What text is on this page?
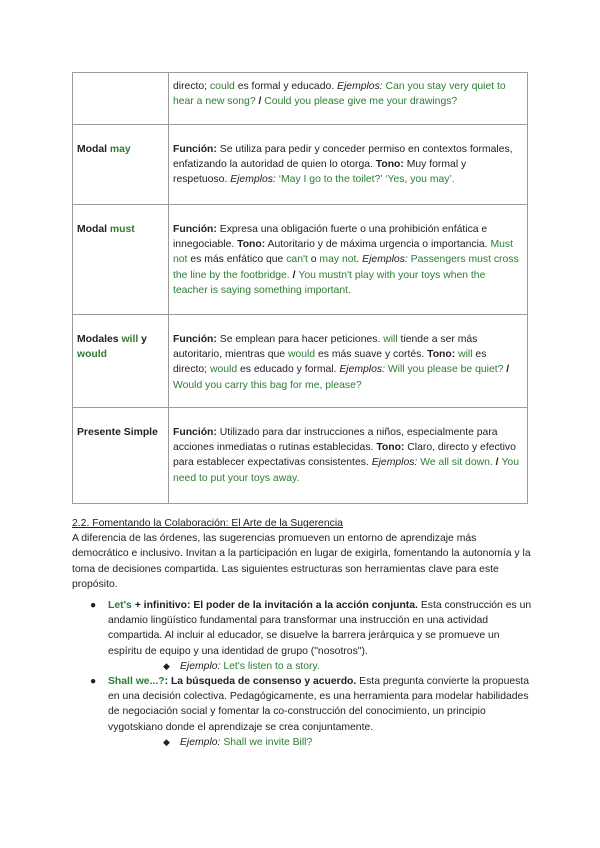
	directo; could es formal y educado. Ejemplos: Can you stay very quiet to hear a new song? / Could you please give me your drawings?

Modal may	Función: Se utiliza para pedir y conceder permiso en contextos formales, enfatizando la autoridad de quien lo otorga. Tono: Muy formal y respetuoso. Ejemplos: ‘May I go to the toilet?’ ‘Yes, you may’.

Modal must	Función: Expresa una obligación fuerte o una prohibición enfática e innegociable. Tono: Autoritario y de máxima urgencia o importancia. Must not es más enfático que can't o may not. Ejemplos: Passengers must cross the line by the footbridge. / You mustn't play with your toys when the teacher is saying something important.

Modales will y would	Función: Se emplean para hacer peticiones. will tiende a ser más autoritario, mientras que would es más suave y cortés. Tono: will es directo; would es educado y formal. Ejemplos: Will you please be quiet? / Would you carry this bag for me, please?

Presente Simple	Función: Utilizado para dar instrucciones a niños, especialmente para acciones inmediatas o rutinas establecidas. Tono: Claro, directo y efectivo para establecer expectativas consistentes. Ejemplos: We all sit down. / You need to put your toys away.
2.2. Fomentando la Colaboración: El Arte de la Sugerencia
A diferencia de las órdenes, las sugerencias promueven un entorno de aprendizaje más democrático e inclusivo. Invitan a la participación en lugar de exigirla, fomentando la autonomía y la toma de decisiones compartida. Las siguientes estructuras son herramientas clave para este propósito.
● Let's + infinitivo: El poder de la invitación a la acción conjunta. Esta construcción es un andamio lingüístico fundamental para transformar una instrucción en una actividad compartida. Al incluir al educador, se disuelve la barrera jerárquica y se promueve un espíritu de equipo y una identidad de grupo ("nosotros").
◆ Ejemplo: Let's listen to a story.
● Shall we...?: La búsqueda de consenso y acuerdo. Esta pregunta convierte la propuesta en una decisión colectiva. Pedagógicamente, es una herramienta para modelar habilidades de negociación social y fomentar la co-construcción del conocimiento, un principio vygotskiano donde el aprendizaje se crea conjuntamente.
◆ Ejemplo: Shall we invite Bill?
